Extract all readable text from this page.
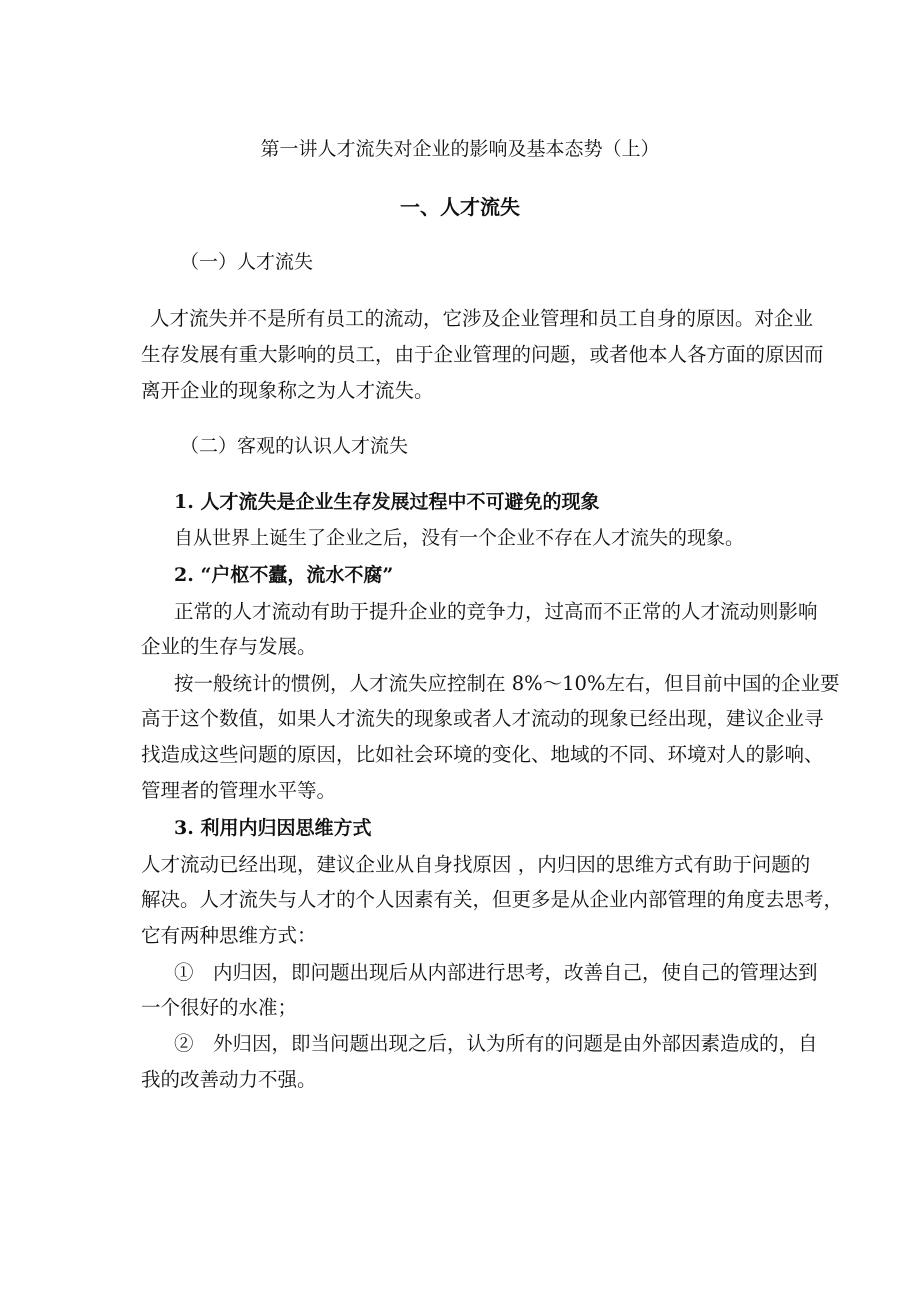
第一讲人才流失对企业的影响及基本态势（上）
一、人才流失
（一）人才流失
人才流失并不是所有员工的流动，它涉及企业管理和员工自身的原因。对企业
生存发展有重大影响的员工，由于企业管理的问题，或者他本人各方面的原因而
离开企业的现象称之为人才流失。
（二）客观的认识人才流失
1. 人才流失是企业生存发展过程中不可避免的现象
自从世界上诞生了企业之后，没有一个企业不存在人才流失的现象。
2. “户枢不蠹，流水不腐”
正常的人才流动有助于提升企业的竞争力，过高而不正常的人才流动则影响
企业的生存与发展。
按一般统计的惯例，人才流失应控制在 8%～10%左右，但目前中国的企业要
高于这个数值，如果人才流失的现象或者人才流动的现象已经出现，建议企业寻
找造成这些问题的原因，比如社会环境的变化、地域的不同、环境对人的影响、
管理者的管理水平等。
3. 利用内归因思维方式
人才流动已经出现，建议企业从自身找原因 ，内归因的思维方式有助于问题的
解决。人才流失与人才的个人因素有关，但更多是从企业内部管理的角度去思考，
它有两种思维方式：
①　内归因，即问题出现后从内部进行思考，改善自己，使自己的管理达到
一个很好的水准；
②　外归因，即当问题出现之后，认为所有的问题是由外部因素造成的，自
我的改善动力不强。
